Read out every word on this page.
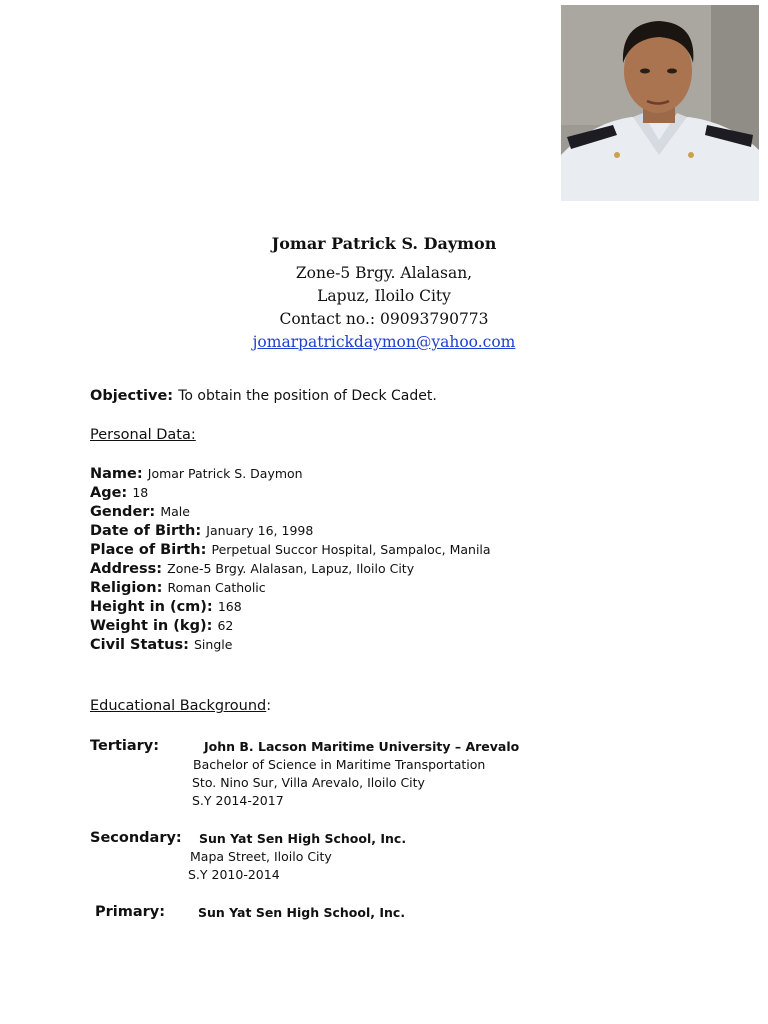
Jomar Patrick S. Daymon
Zone-5 Brgy. Alalasan,
Lapuz, Iloilo City
Contact no.: 09093790773
jomarpatrickdaymon@yahoo.com
Objective: To obtain the position of Deck Cadet.
Personal Data:
Name: Jomar Patrick S. Daymon
Age: 18
Gender: Male
Date of Birth: January 16, 1998
Place of Birth: Perpetual Succor Hospital, Sampaloc, Manila
Address: Zone-5 Brgy. Alalasan, Lapuz, Iloilo City
Religion: Roman Catholic
Height in (cm): 168
Weight in (kg): 62
Civil Status: Single
Educational Background:
Tertiary:	John B. Lacson Maritime University – Arevalo
Bachelor of Science in Maritime Transportation
Sto. Nino Sur, Villa Arevalo, Iloilo City
S.Y 2014-2017
Secondary: Sun Yat Sen High School, Inc.
Mapa Street, Iloilo City
S.Y 2010-2014
Primary:	Sun Yat Sen High School, Inc.
